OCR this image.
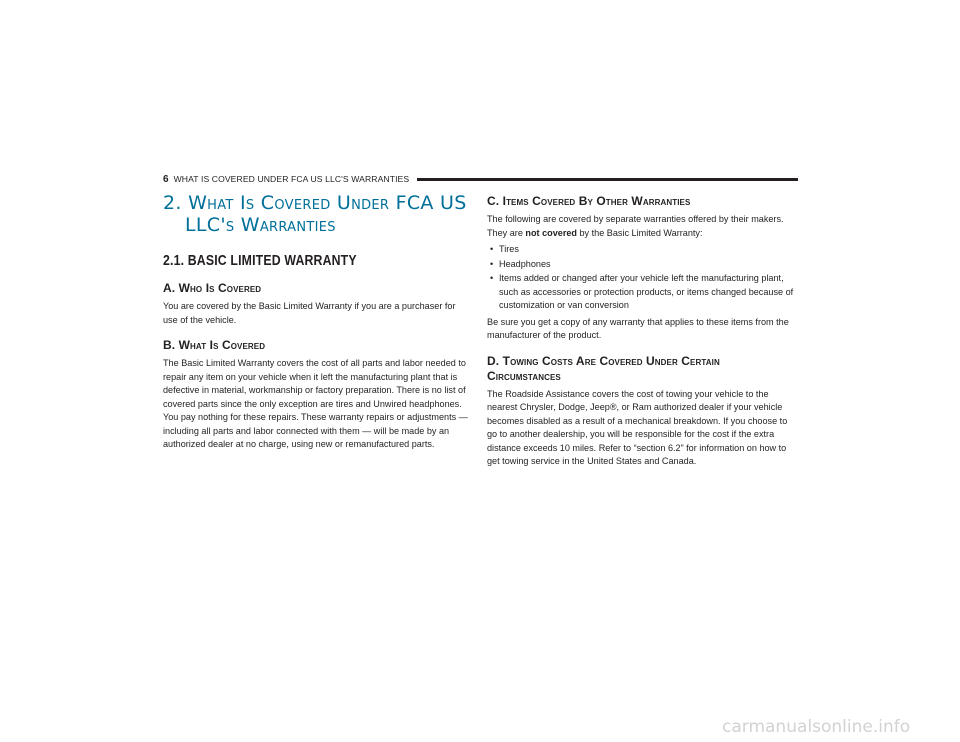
6 WHAT IS COVERED UNDER FCA US LLC'S WARRANTIES
2. What Is Covered Under FCA US
LLC's Warranties
2.1. BASIC LIMITED WARRANTY
A. Who Is Covered

You are covered by the Basic Limited Warranty if you are a purchaser for use of the vehicle.

B. What Is Covered

The Basic Limited Warranty covers the cost of all parts and labor needed to repair any item on your vehicle when it left the manufacturing plant that is defective in material, workmanship or factory preparation. There is no list of covered parts since the only exception are tires and Unwired headphones. You pay nothing for these repairs. These warranty repairs or adjustments — including all parts and labor connected with them — will be made by an authorized dealer at no charge, using new or remanufactured parts.

C. Items Covered By Other Warranties

The following are covered by separate warranties offered by their makers. They are not covered by the Basic Limited Warranty:

• Tires
• Headphones
• Items added or changed after your vehicle left the manufacturing plant, such as accessories or protection products, or items changed because of customization or van conversion

Be sure you get a copy of any warranty that applies to these items from the manufacturer of the product.

D. Towing Costs Are Covered Under Certain
Circumstances

The Roadside Assistance covers the cost of towing your vehicle to the nearest Chrysler, Dodge, Jeep®, or Ram authorized dealer if your vehicle becomes disabled as a result of a mechanical breakdown. If you choose to go to another dealership, you will be responsible for the cost if the extra distance exceeds 10 miles. Refer to “section 6.2” for information on how to get towing service in the United States and Canada.

carmanualsonline.info
